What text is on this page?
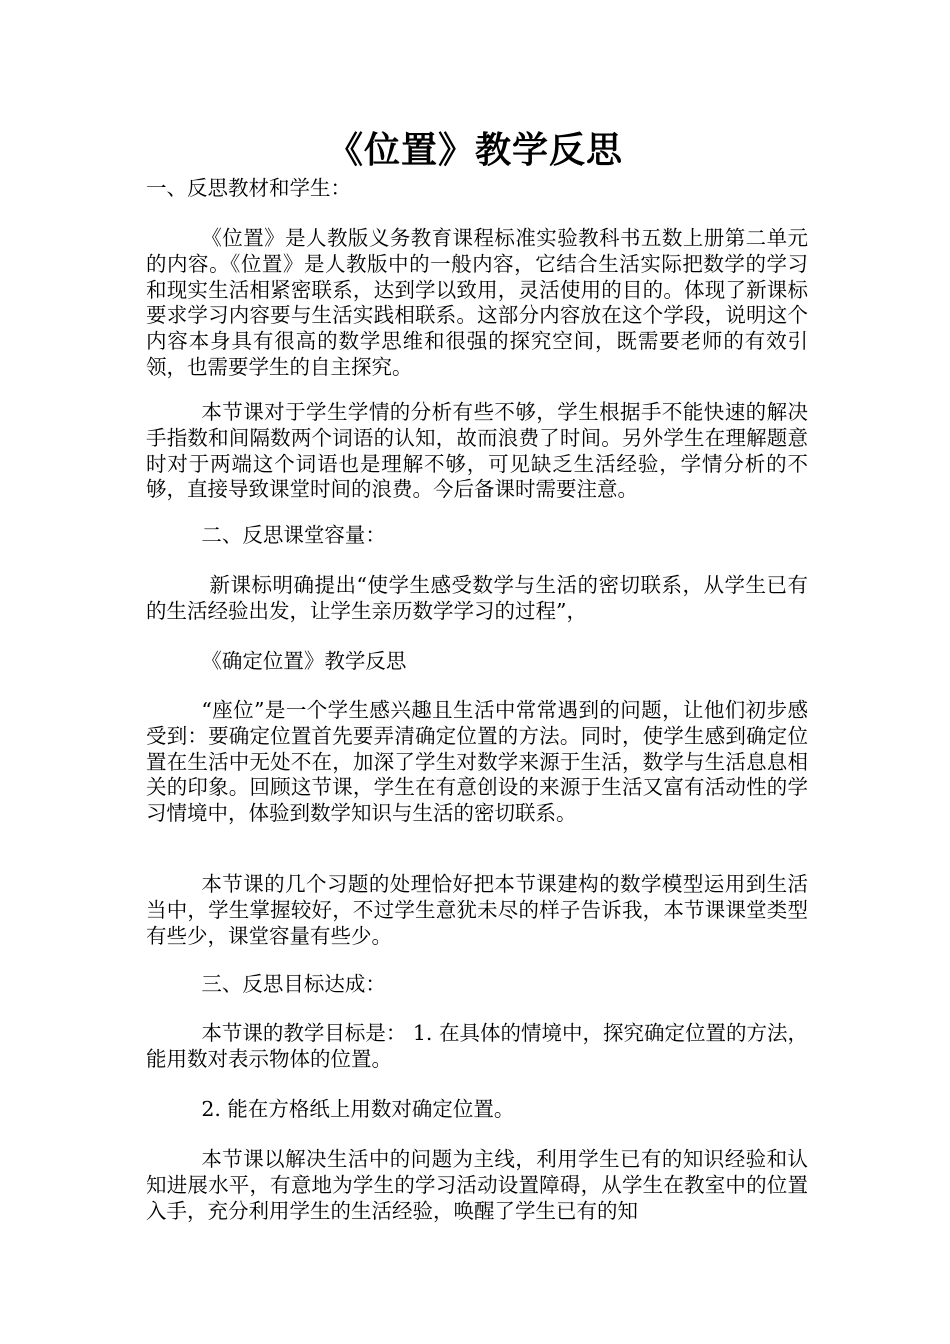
《位置》教学反思
一、反思教材和学生：
《位置》是人教版义务教育课程标准实验教科书五数上册第二单元 的内容。《位置》是人教版中的一般内容，它结合生活实际把数学的学习和现实生活相紧密联系，达到学以致用，灵活使用的目的。体现了新课标要求学习内容要与生活实践相联系。这部分内容放在这个学段，说明这个内容本身具有很高的数学思维和很强的探究空间，既需要老师的有效引领，也需要学生的自主探究。
本节课对于学生学情的分析有些不够，学生根据手不能快速的解决手指数和间隔数两个词语的认知，故而浪费了时间。另外学生在理解题意时对于两端这个词语也是理解不够，可见缺乏生活经验，学情分析的不够，直接导致课堂时间的浪费。今后备课时需要注意。
二、反思课堂容量：
新课标明确提出“使学生感受数学与生活的密切联系，从学生已有的生活经验出发，让学生亲历数学学习的过程”，
《确定位置》教学反思
“座位”是一个学生感兴趣且生活中常常遇到的问题，让他们初步感受到：要确定位置首先要弄清确定位置的方法。同时，使学生感到确定位置在生活中无处不在，加深了学生对数学来源于生活，数学与生活息息相关的印象。回顾这节课，学生在有意创设的来源于生活又富有活动性的学习情境中，体验到数学知识与生活的密切联系。
本节课的几个习题的处理恰好把本节课建构的数学模型运用到生活当中，学生掌握较好，不过学生意犹未尽的样子告诉我，本节课课堂类型有些少，课堂容量有些少。
三、反思目标达成：
本节课的教学目标是： 1. 在具体的情境中，探究确定位置的方法，能用数对表示物体的位置。
2. 能在方格纸上用数对确定位置。
本节课以解决生活中的问题为主线，利用学生已有的知识经验和认知进展水平，有意地为学生的学习活动设置障碍，从学生在教室中的位置入手，充分利用学生的生活经验，唤醒了学生已有的知
